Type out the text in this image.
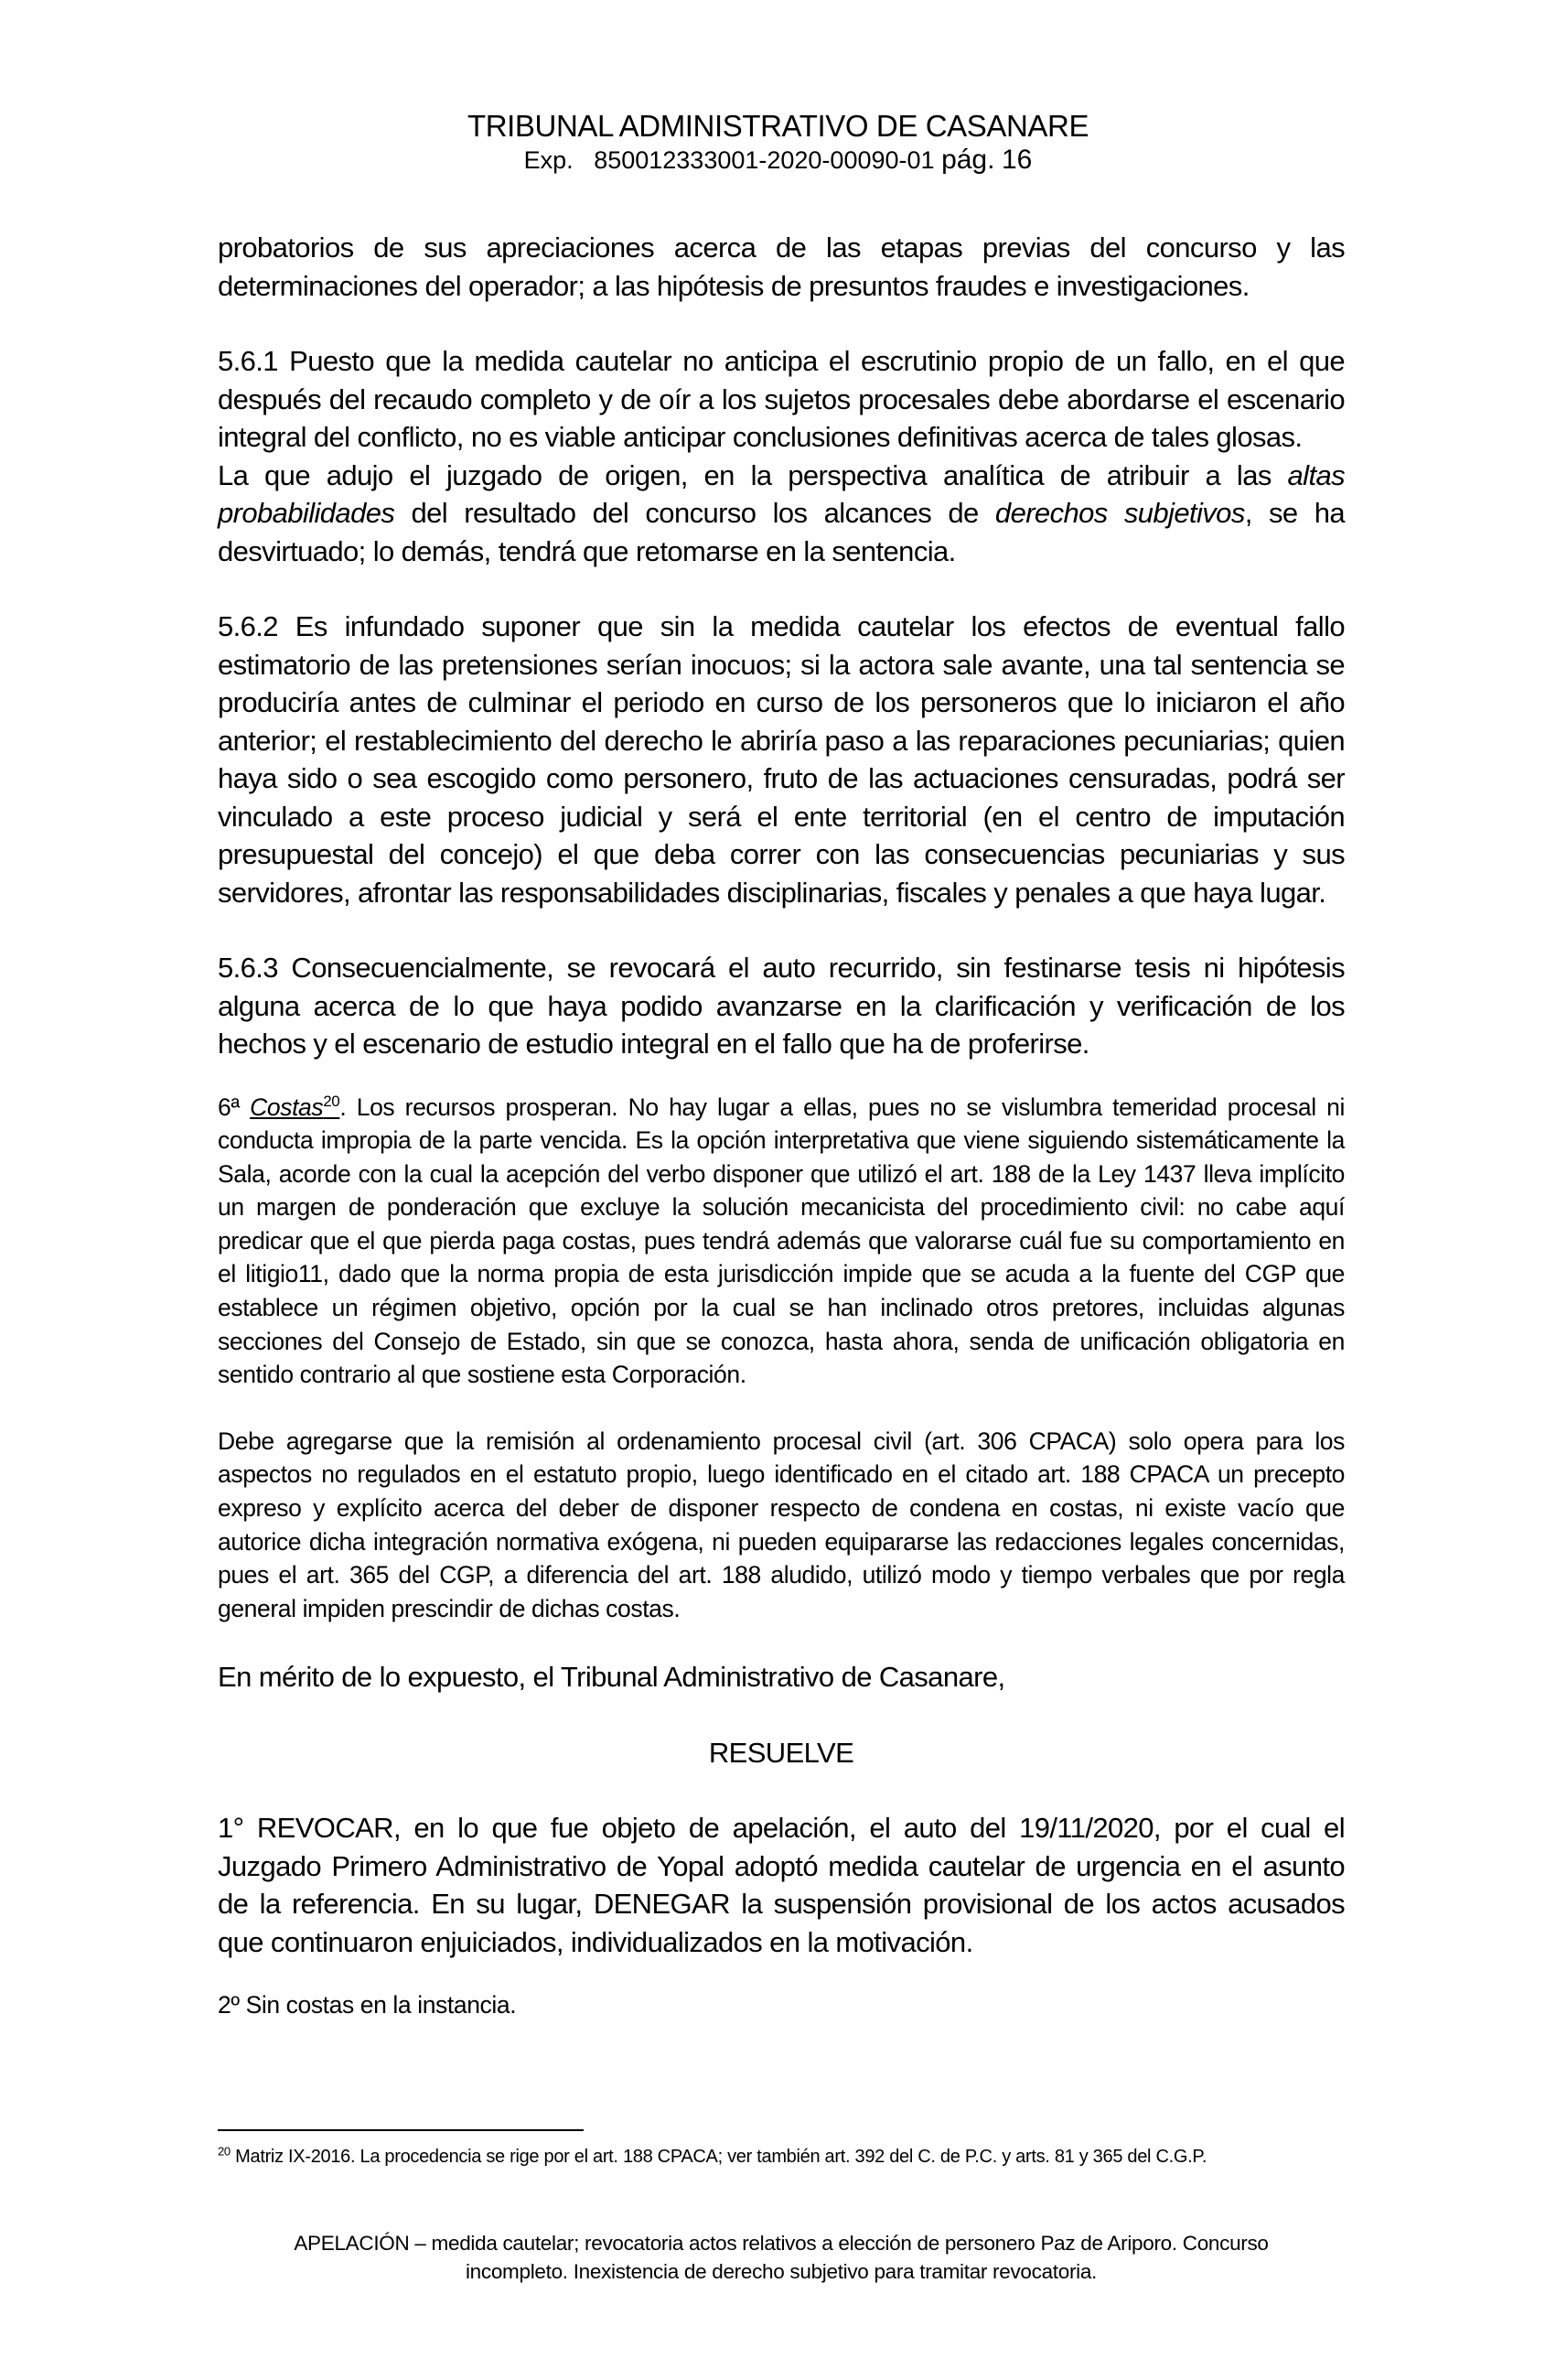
TRIBUNAL ADMINISTRATIVO DE CASANARE
Exp. 850012333001-2020-00090-01 pág. 16

probatorios de sus apreciaciones acerca de las etapas previas del concurso y las determinaciones del operador; a las hipótesis de presuntos fraudes e investigaciones.

5.6.1 Puesto que la medida cautelar no anticipa el escrutinio propio de un fallo, en el que después del recaudo completo y de oír a los sujetos procesales debe abordarse el escenario integral del conflicto, no es viable anticipar conclusiones definitivas acerca de tales glosas.

La que adujo el juzgado de origen, en la perspectiva analítica de atribuir a las altas probabilidades del resultado del concurso los alcances de derechos subjetivos, se ha desvirtuado; lo demás, tendrá que retomarse en la sentencia.

5.6.2 Es infundado suponer que sin la medida cautelar los efectos de eventual fallo estimatorio de las pretensiones serían inocuos; si la actora sale avante, una tal sentencia se produciría antes de culminar el periodo en curso de los personeros que lo iniciaron el año anterior; el restablecimiento del derecho le abriría paso a las reparaciones pecuniarias; quien haya sido o sea escogido como personero, fruto de las actuaciones censuradas, podrá ser vinculado a este proceso judicial y será el ente territorial (en el centro de imputación presupuestal del concejo) el que deba correr con las consecuencias pecuniarias y sus servidores, afrontar las responsabilidades disciplinarias, fiscales y penales a que haya lugar.

5.6.3 Consecuencialmente, se revocará el auto recurrido, sin festinarse tesis ni hipótesis alguna acerca de lo que haya podido avanzarse en la clarificación y verificación de los hechos y el escenario de estudio integral en el fallo que ha de proferirse.

6ª Costas$^{20}$. Los recursos prosperan. No hay lugar a ellas, pues no se vislumbra temeridad procesal ni conducta impropia de la parte vencida. Es la opción interpretativa que viene siguiendo sistemáticamente la Sala, acorde con la cual la acepción del verbo disponer que utilizó el art. 188 de la Ley 1437 lleva implícito un margen de ponderación que excluye la solución mecanicista del procedimiento civil: no cabe aquí predicar que el que pierda paga costas, pues tendrá además que valorarse cuál fue su comportamiento en el litigio11, dado que la norma propia de esta jurisdicción impide que se acuda a la fuente del CGP que establece un régimen objetivo, opción por la cual se han inclinado otros pretores, incluidas algunas secciones del Consejo de Estado, sin que se conozca, hasta ahora, senda de unificación obligatoria en sentido contrario al que sostiene esta Corporación.

Debe agregarse que la remisión al ordenamiento procesal civil (art. 306 CPACA) solo opera para los aspectos no regulados en el estatuto propio, luego identificado en el citado art. 188 CPACA un precepto expreso y explícito acerca del deber de disponer respecto de condena en costas, ni existe vacío que autorice dicha integración normativa exógena, ni pueden equipararse las redacciones legales concernidas, pues el art. 365 del CGP, a diferencia del art. 188 aludido, utilizó modo y tiempo verbales que por regla general impiden prescindir de dichas costas.

En mérito de lo expuesto, el Tribunal Administrativo de Casanare,

RESUELVE

1° REVOCAR, en lo que fue objeto de apelación, el auto del 19/11/2020, por el cual el Juzgado Primero Administrativo de Yopal adoptó medida cautelar de urgencia en el asunto de la referencia. En su lugar, DENEGAR la suspensión provisional de los actos acusados que continuaron enjuiciados, individualizados en la motivación.

2º Sin costas en la instancia.

$^{20}$ Matriz IX-2016. La procedencia se rige por el art. 188 CPACA; ver también art. 392 del C. de P.C. y arts. 81 y 365 del C.G.P.
APELACIÓN – medida cautelar; revocatoria actos relativos a elección de personero Paz de Ariporo. Concurso
incompleto. Inexistencia de derecho subjetivo para tramitar revocatoria.
